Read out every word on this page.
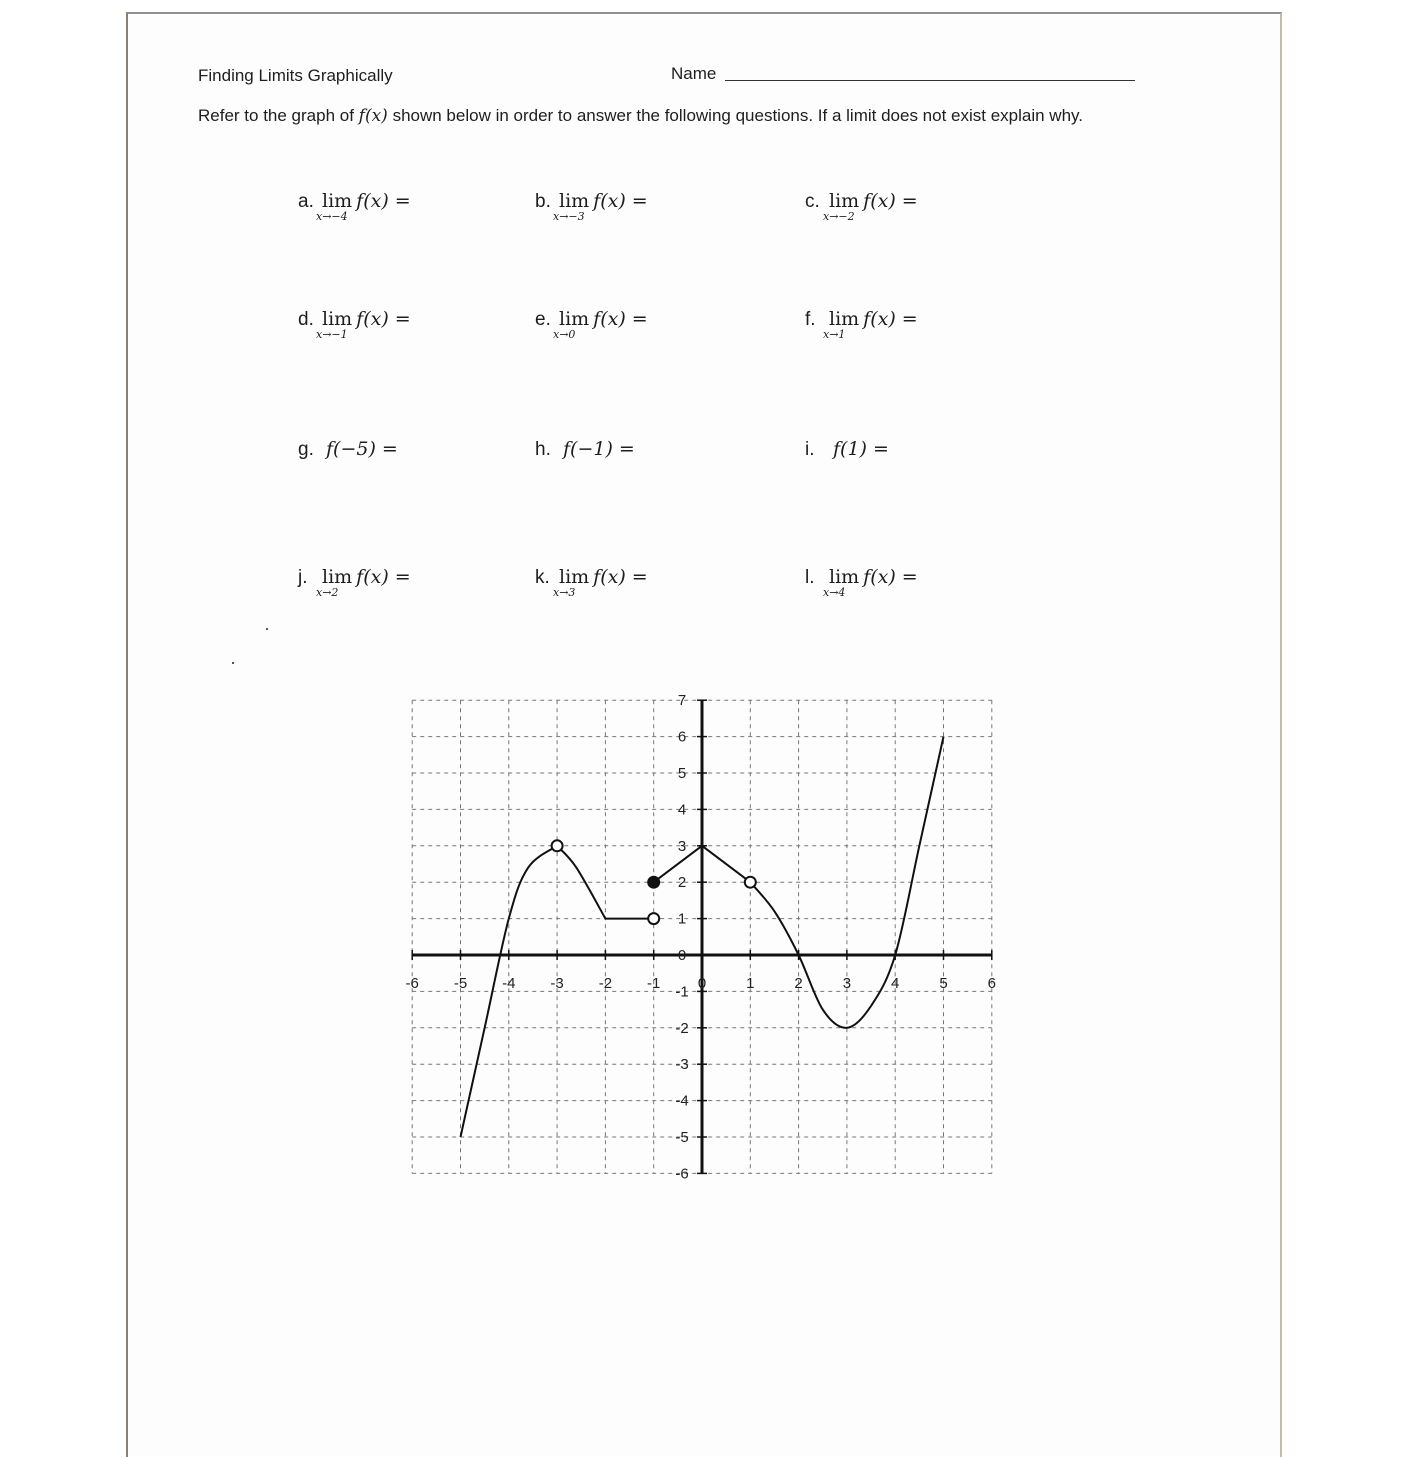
Finding Limits Graphically	Name
Refer to the graph of f(x) shown below in order to answer the following questions. If a limit does not exist explain why.
a. lim
x→−4
f(x) =	b. lim
x→−3
f(x) =	c. lim
x→−2
f(x) =
d. lim
x→−1
f(x) =	e. lim
x→0
f(x) =	f. lim
x→1
f(x) =
g. f(−5) =	h. f(−1) =	i. f(1) =
j. lim
x→2
f(x) =	k. lim
x→3
f(x) =	l. lim
x→4
f(x) =
-6 -5 -4 -3 -2 -1 0	1	2	3	4	5	6
7
6
5
4
3
2
1
-1
-2
-3
-4
-5
-6
0
